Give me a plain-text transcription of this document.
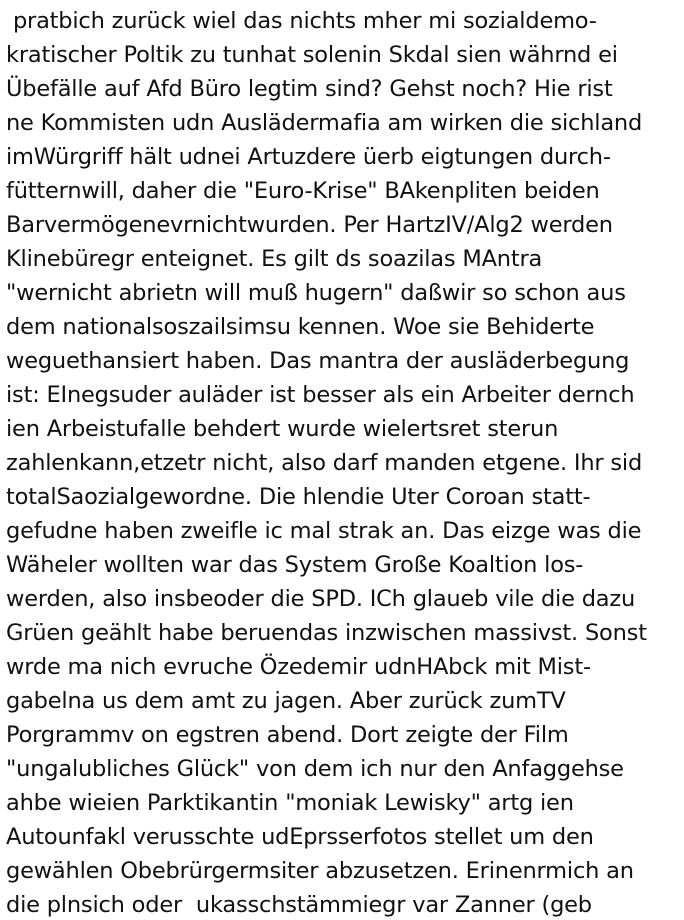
pratbich zurück wiel das nichts mher mi sozialdemo-
kratischer Poltik zu tunhat solenin Skdal sien währnd ei
Übefälle auf Afd Büro legtim sind? Gehst noch? Hie rist
ne Kommisten udn Auslädermafia am wirken die sichland
imWürgriff hält udnei Artuzdere üerb eigtungen durch-
fütternwill, daher die "Euro-Krise" BAkenpliten beiden
Barvermögenevrnichtwurden. Per HartzIV/Alg2 werden
Klinebüregr enteignet. Es gilt ds soazilas MAntra
"wernicht abrietn will muß hugern" daßwir so schon aus
dem nationalsoszailsimsu kennen. Woe sie Behiderte
weguethansiert haben. Das mantra der ausläderbegung
ist: EInegsuder auläder ist besser als ein Arbeiter dernch
ien Arbeistufalle behdert wurde wielertsret sterun
zahlenkann,etzetr nicht, also darf manden etgene. Ihr sid
totalSaozialgewordne. Die hlendie Uter Coroan statt-
gefudne haben zweifle ic mal strak an. Das eizge was die
Wäheler wollten war das System Große Koaltion los-
werden, also insbeoder die SPD. ICh glaueb vile die dazu
Grüen geählt habe beruendas inzwischen massivst. Sonst
wrde ma nich evruche Özedemir udnHAbck mit Mist-
gabelna us dem amt zu jagen. Aber zurück zumTV
Porgrammv on egstren abend. Dort zeigte der Film
"ungalubliches Glück" von dem ich nur den Anfaggehse
ahbe wieien Parktikantin "moniak Lewisky" artg ien
Autounfakl verusschte udEprsserfotos stellet um den
gewählen Obebrürgermsiter abzusetzen. Erinenrmich an
die plnsich oder  ukasschstämmiegr var Zanner (geb
